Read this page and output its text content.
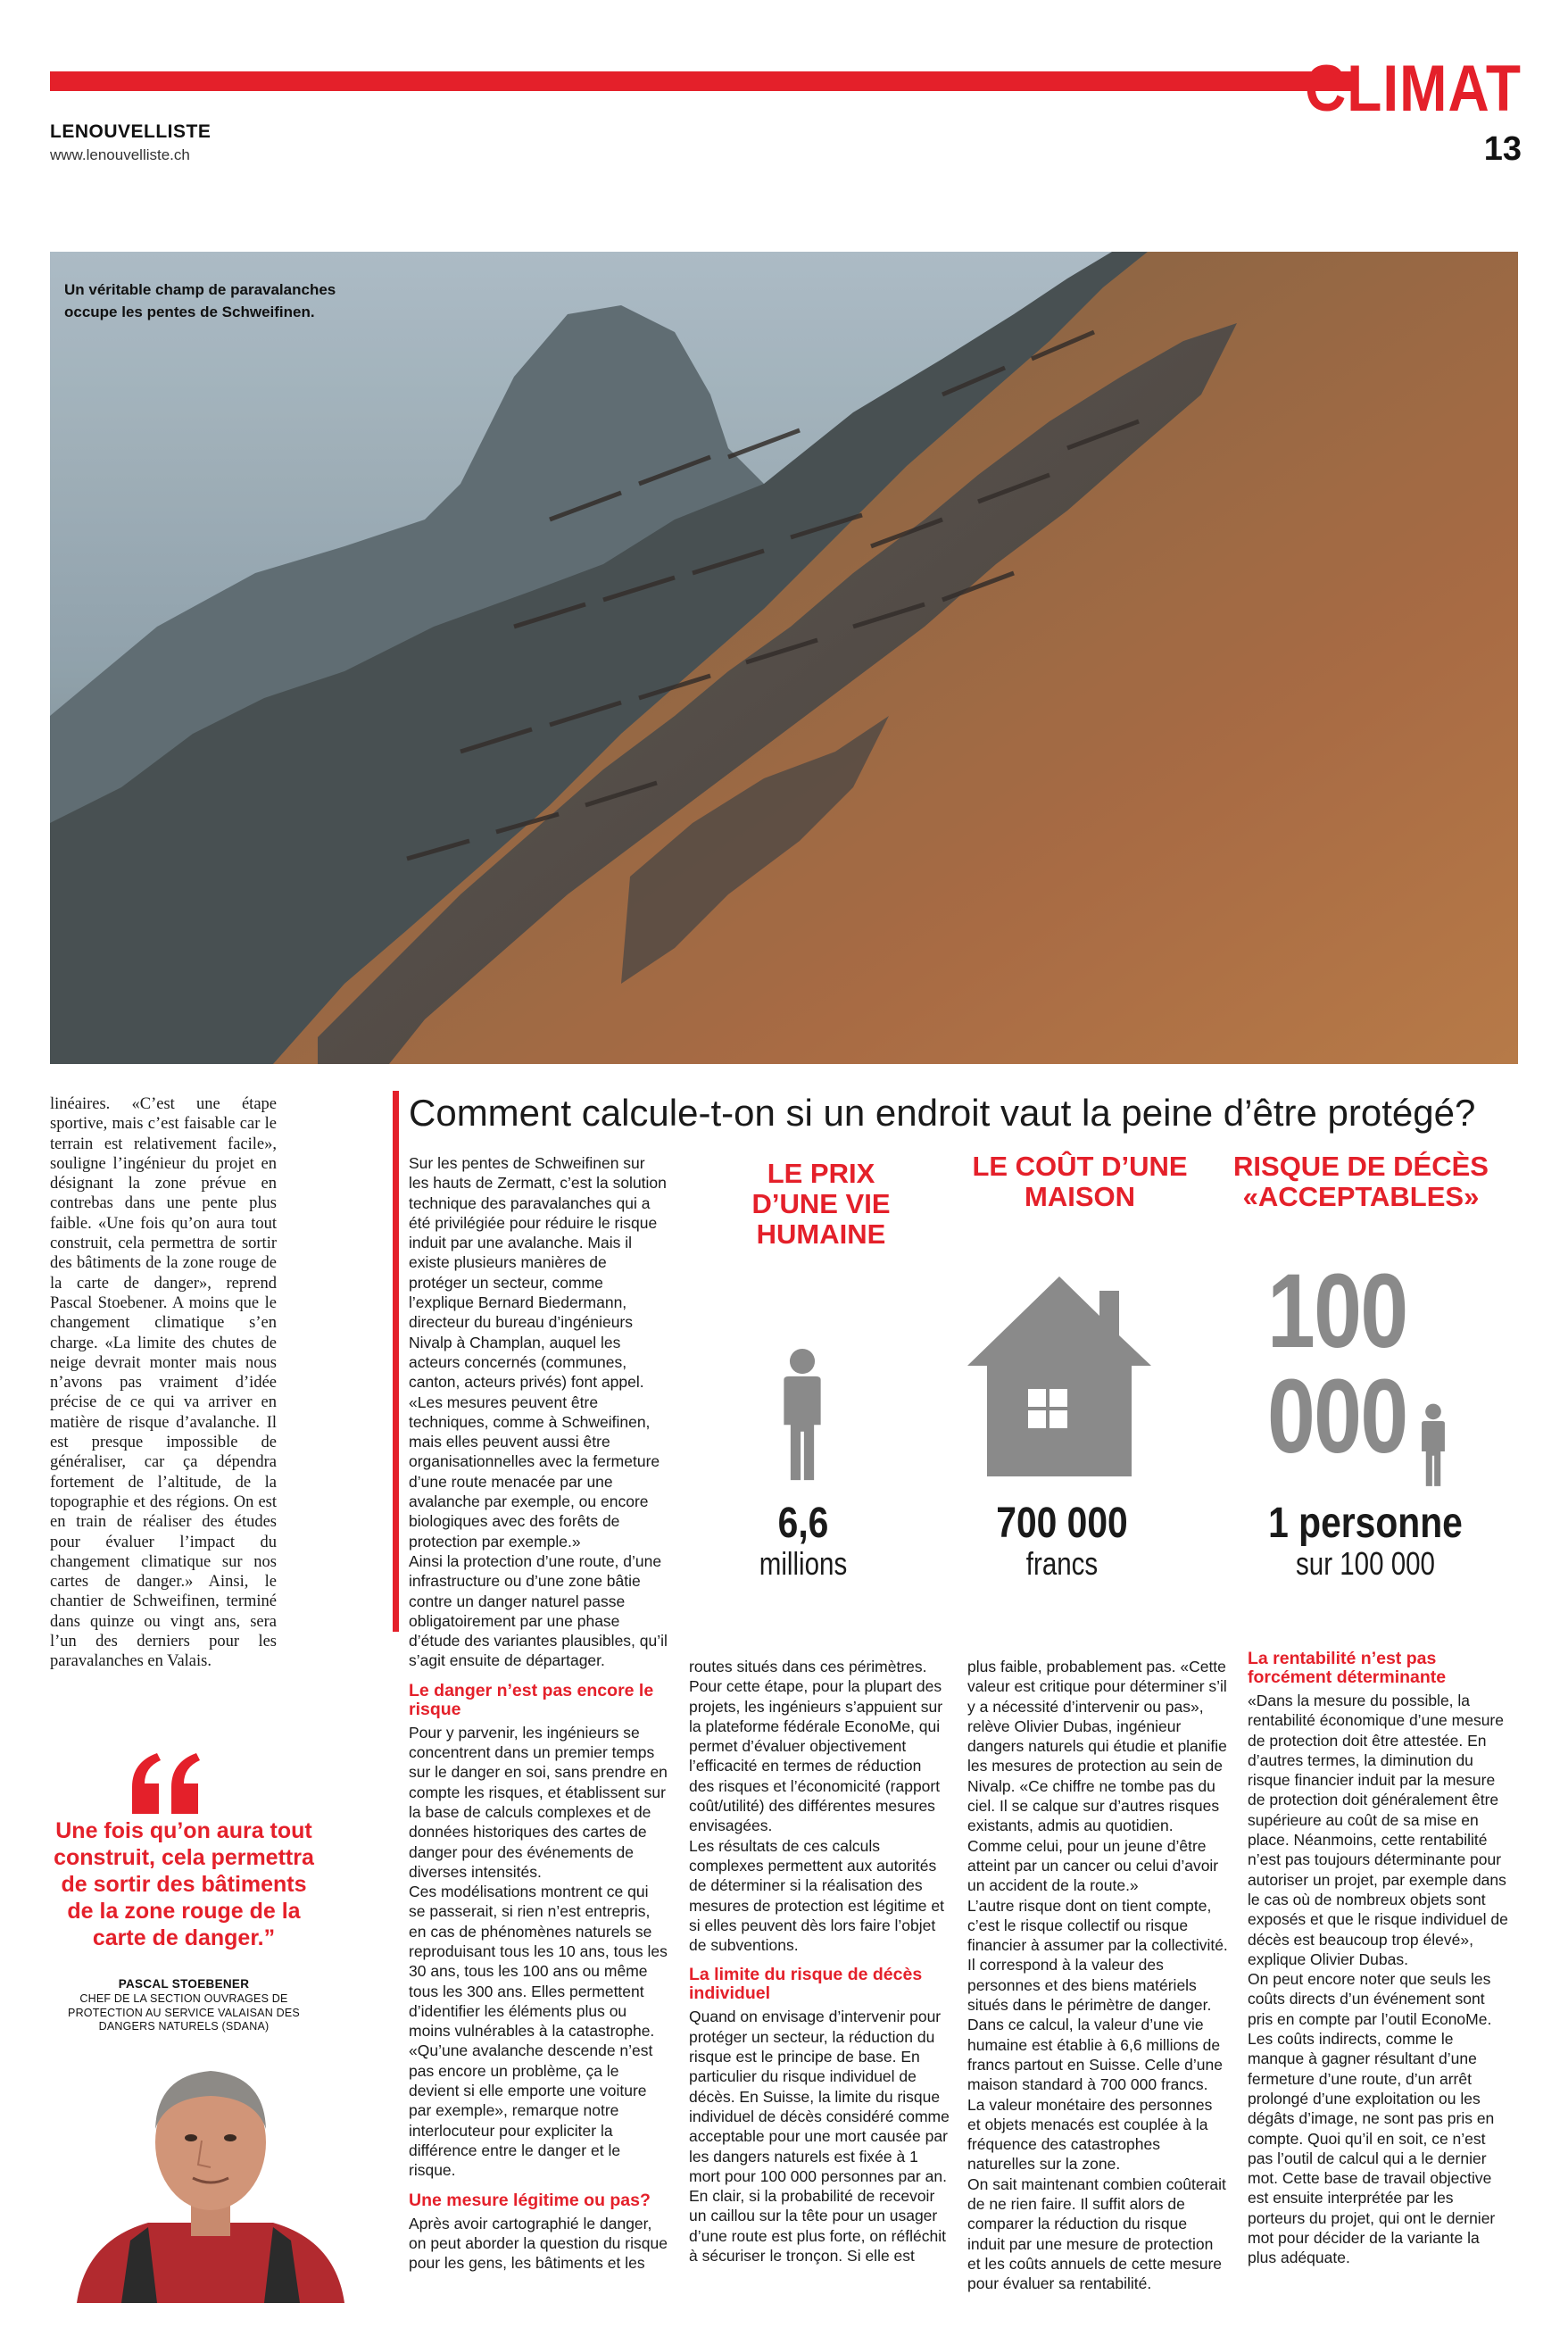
LENOUVELLISTE
www.lenouvelliste.ch
CLIMAT
13
Un véritable champ de paravalanches occupe les pentes de Schweifinen.

linéaires. «C’est une étape sportive, mais c’est faisable car le terrain est relativement facile», souligne l’ingénieur du projet en désignant la zone prévue en contrebas dans une pente plus faible. «Une fois qu’on aura tout construit, cela permettra de sortir des bâtiments de la zone rouge de la carte de danger», reprend Pascal Stoebener. A moins que le changement climatique s’en charge. «La limite des chutes de neige devrait monter mais nous n’avons pas vraiment d’idée précise de ce qui va arriver en matière de risque d’avalanche. Il est presque impossible de généraliser, car ça dépendra fortement de l’altitude, de la topographie et des régions. On est en train de réaliser des études pour évaluer l’impact du changement climatique sur nos cartes de danger.» Ainsi, le chantier de Schweifinen, terminé dans quinze ou vingt ans, sera l’un des derniers pour les paravalanches en Valais.

Une fois qu’on aura tout construit, cela permettra de sortir des bâtiments de la zone rouge de la carte de danger.”
PASCAL STOEBENER
CHEF DE LA SECTION OUVRAGES DE PROTECTION AU SERVICE VALAISAN DES DANGERS NATURELS (SDANA)
Comment calcule-t-on si un endroit vaut la peine d’être protégé?

Sur les pentes de Schweifinen sur les hauts de Zermatt, c’est la solution technique des paravalanches qui a été privilégiée pour réduire le risque induit par une avalanche. Mais il existe plusieurs manières de protéger un secteur, comme l’explique Bernard Biedermann, directeur du bureau d’ingénieurs Nivalp à Champlan, auquel les acteurs concernés (communes, canton, acteurs privés) font appel. «Les mesures peuvent être techniques, comme à Schweifinen, mais elles peuvent aussi être organisationnelles avec la fermeture d’une route menacée par une avalanche par exemple, ou encore biologiques avec des forêts de protection par exemple.»

Ainsi la protection d’une route, d’une infrastructure ou d’une zone bâtie contre un danger naturel passe obligatoirement par une phase d’étude des variantes plausibles, qu’il s’agit ensuite de départager.

Le danger n’est pas encore le risque

Pour y parvenir, les ingénieurs se concentrent dans un premier temps sur le danger en soi, sans prendre en compte les risques, et établissent sur la base de calculs complexes et de données historiques des cartes de danger pour des événements de diverses intensités.

Ces modélisations montrent ce qui se passerait, si rien n’est entrepris, en cas de phénomènes naturels se reproduisant tous les 10 ans, tous les 30 ans, tous les 100 ans ou même tous les 300 ans. Elles permettent d’identifier les éléments plus ou moins vulnérables à la catastrophe. «Qu’une avalanche descende n’est pas encore un problème, ça le devient si elle emporte une voiture par exemple», remarque notre interlocuteur pour expliciter la différence entre le danger et le risque.

Une mesure légitime ou pas?

Après avoir cartographié le danger, on peut aborder la question du risque pour les gens, les bâtiments et les

LE PRIX D’UNE VIE HUMAINE
6,6
millions
LE COÛT D’UNE MAISON
700 000
francs
RISQUE DE DÉCÈS «ACCEPTABLES»
100 000
1 personne
sur 100 000

routes situés dans ces périmètres. Pour cette étape, pour la plupart des projets, les ingénieurs s’appuient sur la plateforme fédérale EconoMe, qui permet d’évaluer objectivement l’efficacité en termes de réduction des risques et l’économicité (rapport coût/utilité) des différentes mesures envisagées.

Les résultats de ces calculs complexes permettent aux autorités de déterminer si la réalisation des mesures de protection est légitime et si elles peuvent dès lors faire l’objet de subventions.

La limite du risque de décès individuel

Quand on envisage d’intervenir pour protéger un secteur, la réduction du risque est le principe de base. En particulier du risque individuel de décès. En Suisse, la limite du risque individuel de décès considéré comme acceptable pour une mort causée par les dangers naturels est fixée à 1 mort pour 100 000 personnes par an.

En clair, si la probabilité de recevoir un caillou sur la tête pour un usager d’une route est plus forte, on réfléchit à sécuriser le tronçon. Si elle est

plus faible, probablement pas. «Cette valeur est critique pour déterminer s’il y a nécessité d’intervenir ou pas», relève Olivier Dubas, ingénieur dangers naturels qui étudie et planifie les mesures de protection au sein de Nivalp. «Ce chiffre ne tombe pas du ciel. Il se calque sur d’autres risques existants, admis au quotidien. Comme celui, pour un jeune d’être atteint par un cancer ou celui d’avoir un accident de la route.»

L’autre risque dont on tient compte, c’est le risque collectif ou risque financier à assumer par la collectivité. Il correspond à la valeur des personnes et des biens matériels situés dans le périmètre de danger. Dans ce calcul, la valeur d’une vie humaine est établie à 6,6 millions de francs partout en Suisse. Celle d’une maison standard à 700 000 francs. La valeur monétaire des personnes et objets menacés est couplée à la fréquence des catastrophes naturelles sur la zone.

On sait maintenant combien coûterait de ne rien faire. Il suffit alors de comparer la réduction du risque induit par une mesure de protection et les coûts annuels de cette mesure pour évaluer sa rentabilité.

La rentabilité n’est pas forcément déterminante

«Dans la mesure du possible, la rentabilité économique d’une mesure de protection doit être attestée. En d’autres termes, la diminution du risque financier induit par la mesure de protection doit généralement être supérieure au coût de sa mise en place. Néanmoins, cette rentabilité n’est pas toujours déterminante pour autoriser un projet, par exemple dans le cas où de nombreux objets sont exposés et que le risque individuel de décès est beaucoup trop élevé», explique Olivier Dubas.

On peut encore noter que seuls les coûts directs d’un événement sont pris en compte par l’outil EconoMe. Les coûts indirects, comme le manque à gagner résultant d’une fermeture d’une route, d’un arrêt prolongé d’une exploitation ou les dégâts d’image, ne sont pas pris en compte. Quoi qu’il en soit, ce n’est pas l’outil de calcul qui a le dernier mot. Cette base de travail objective est ensuite interprétée par les porteurs du projet, qui ont le dernier mot pour décider de la variante la plus adéquate.
